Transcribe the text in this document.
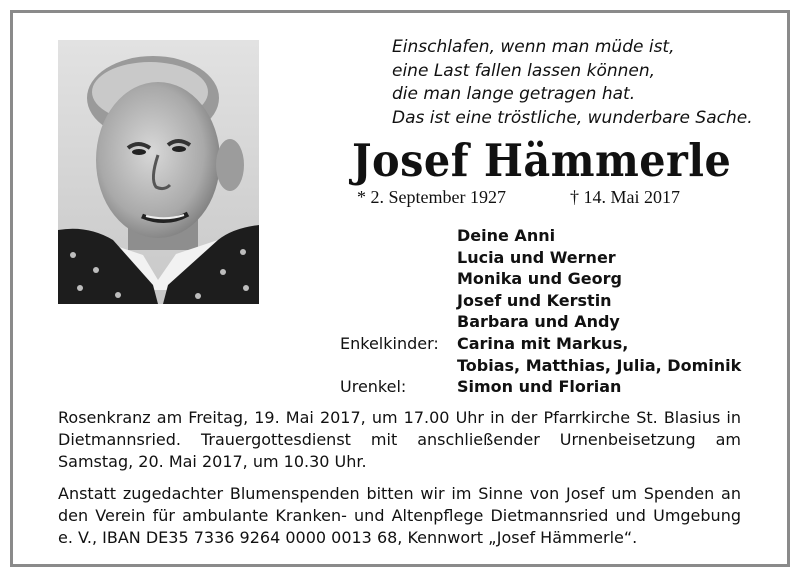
Einschlafen, wenn man müde ist,
eine Last fallen lassen können,
die man lange getragen hat.
Das ist eine tröstliche, wunderbare Sache.
Josef Hämmerle
* 2. September 1927	† 14. Mai 2017
Deine Anni
Lucia und Werner
Monika und Georg
Josef und Kerstin
Barbara und Andy
Enkelkinder:	Carina mit Markus,
Tobias, Matthias, Julia, Dominik
Urenkel:	Simon und Florian
Rosenkranz am Freitag, 19. Mai 2017, um 17.00 Uhr in der Pfarrkirche St. Blasius in Dietmannsried. Trauergottesdienst mit anschließender Urnenbeisetzung am Samstag, 20. Mai 2017, um 10.30 Uhr.
Anstatt zugedachter Blumenspenden bitten wir im Sinne von Josef um Spenden an den Verein für ambulante Kranken- und Altenpflege Dietmannsried und Umgebung e. V., IBAN DE35 7336 9264 0000 0013 68, Kennwort „Josef Hämmerle“.
